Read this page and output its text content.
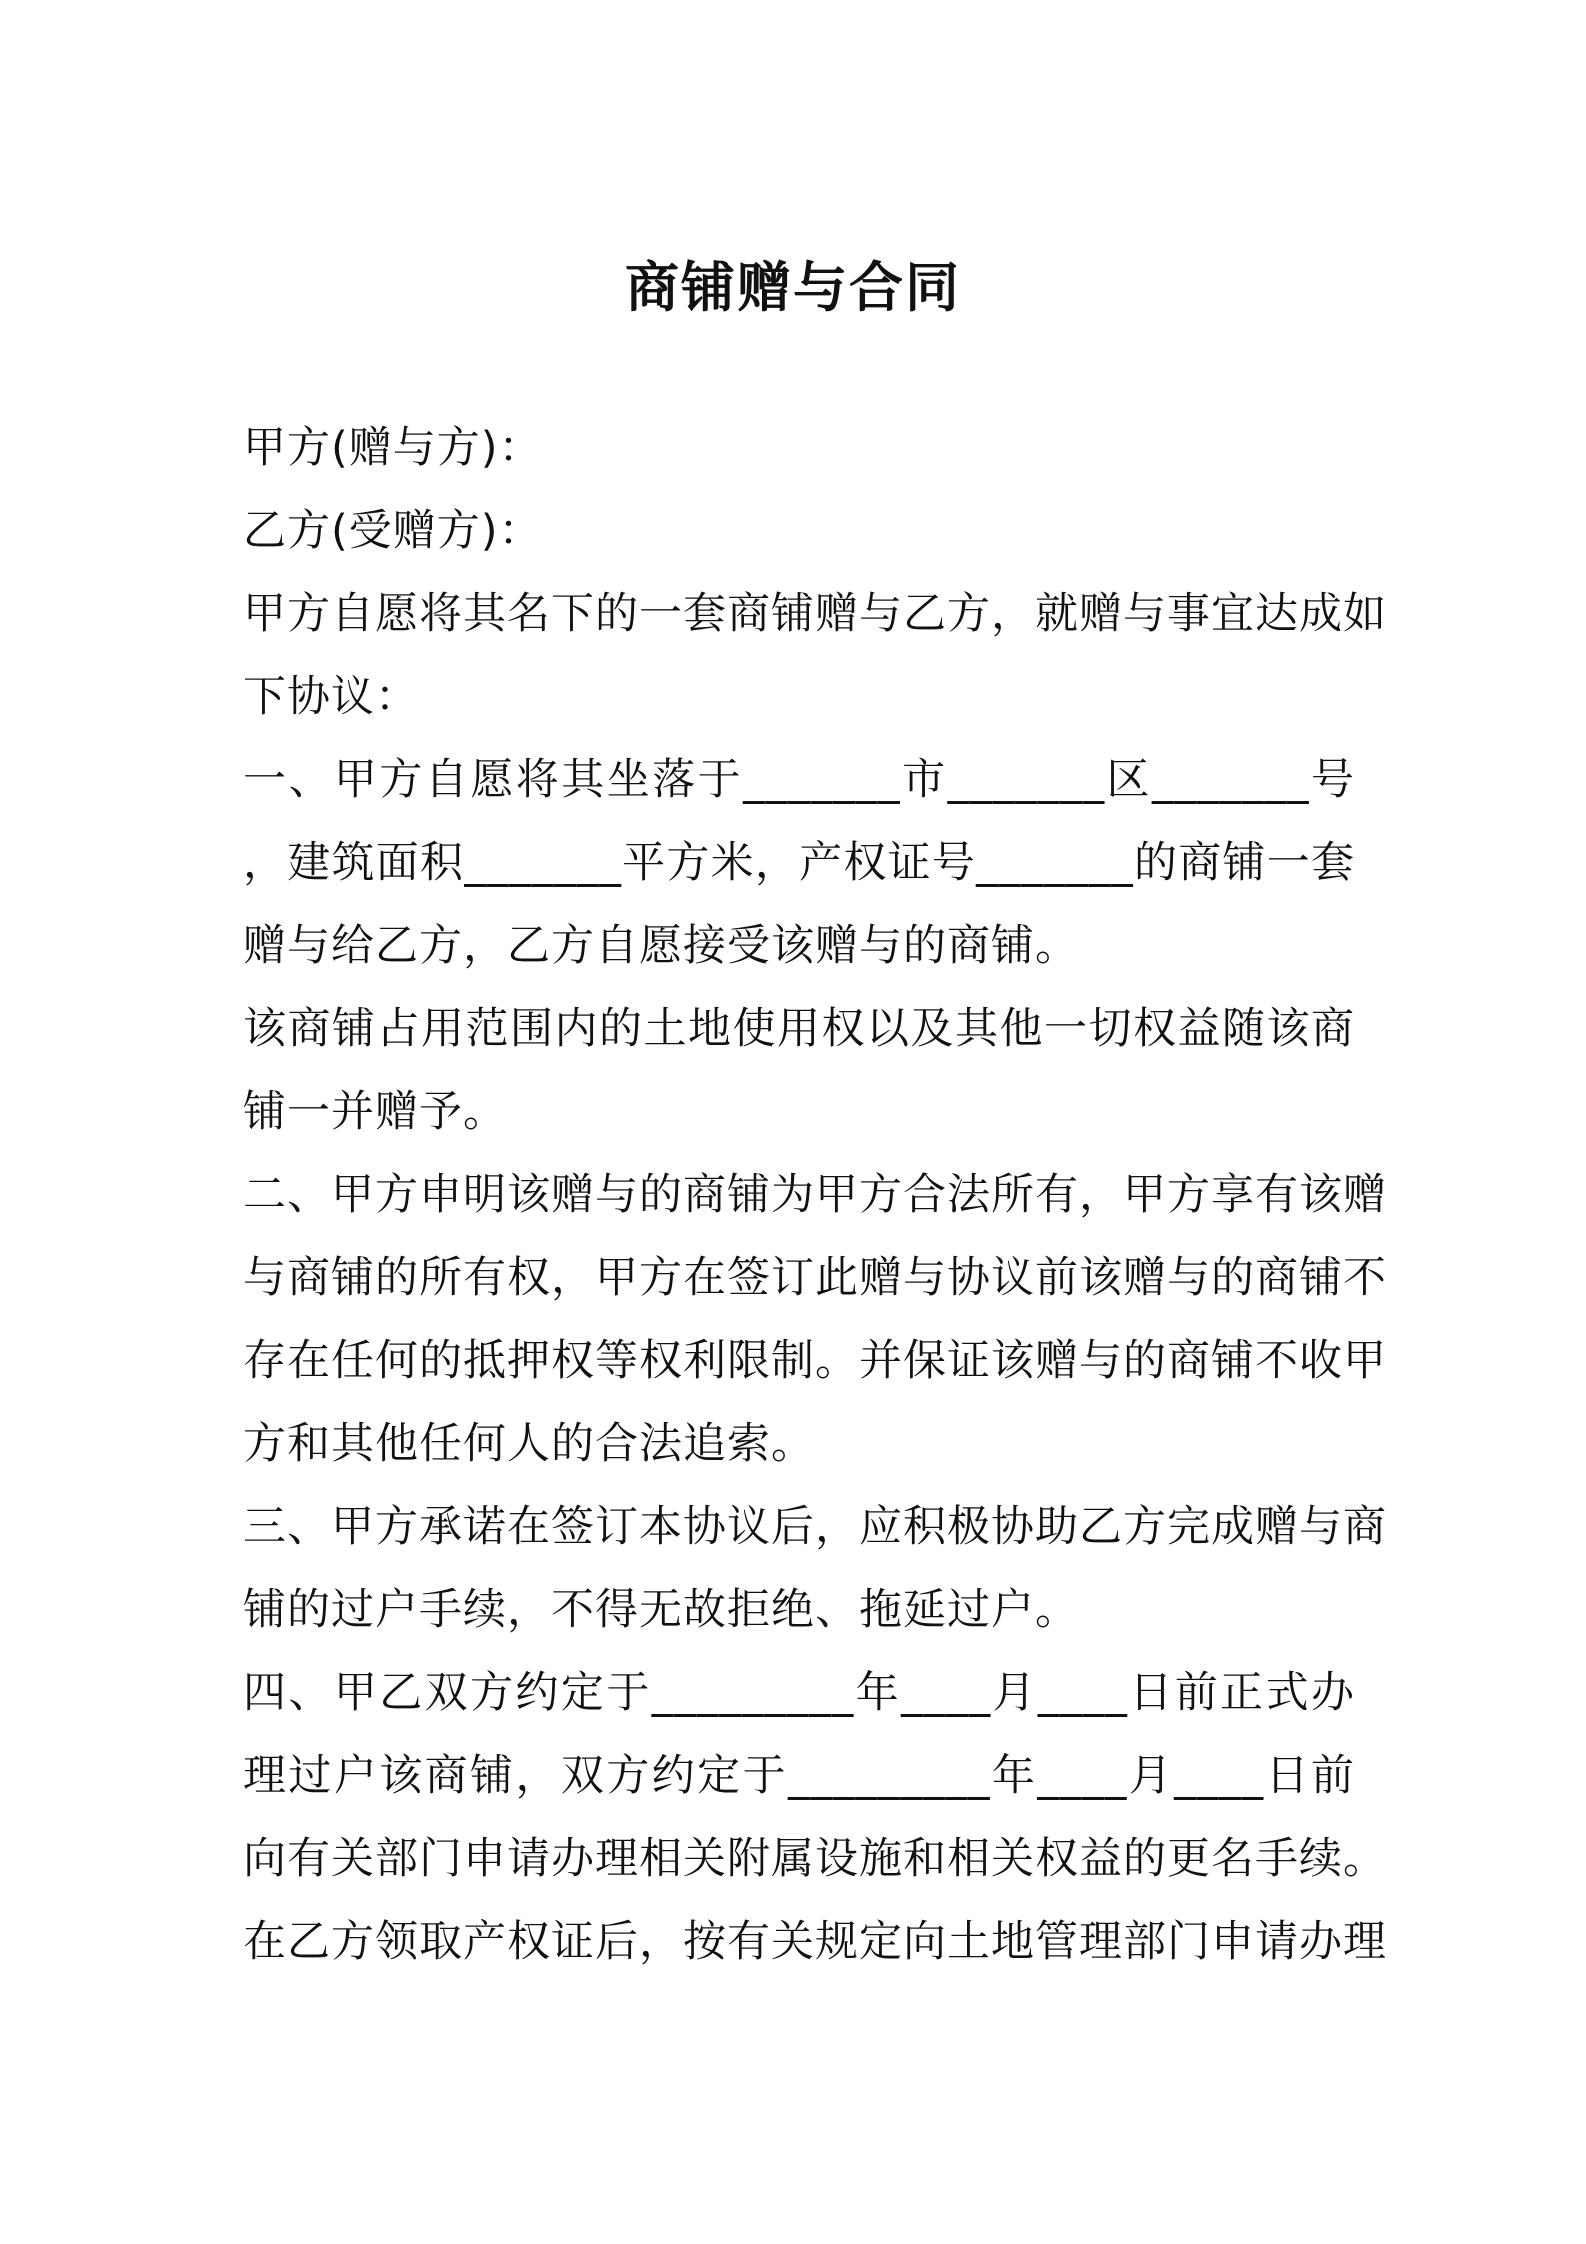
商铺赠与合同
甲方(赠与方)：
乙方(受赠方)：
甲方自愿将其名下的一套商铺赠与乙方，就赠与事宜达成如
下协议：
一、甲方自愿将其坐落于_______市_______区_______号
，建筑面积_______平方米，产权证号_______的商铺一套
赠与给乙方，乙方自愿接受该赠与的商铺。
该商铺占用范围内的土地使用权以及其他一切权益随该商
铺一并赠予。
二、甲方申明该赠与的商铺为甲方合法所有，甲方享有该赠
与商铺的所有权，甲方在签订此赠与协议前该赠与的商铺不
存在任何的抵押权等权利限制。并保证该赠与的商铺不收甲
方和其他任何人的合法追索。
三、甲方承诺在签订本协议后，应积极协助乙方完成赠与商
铺的过户手续，不得无故拒绝、拖延过户。
四、甲乙双方约定于_________年____月____日前正式办
理过户该商铺，双方约定于_________年____月____日前
向有关部门申请办理相关附属设施和相关权益的更名手续。
在乙方领取产权证后，按有关规定向土地管理部门申请办理
